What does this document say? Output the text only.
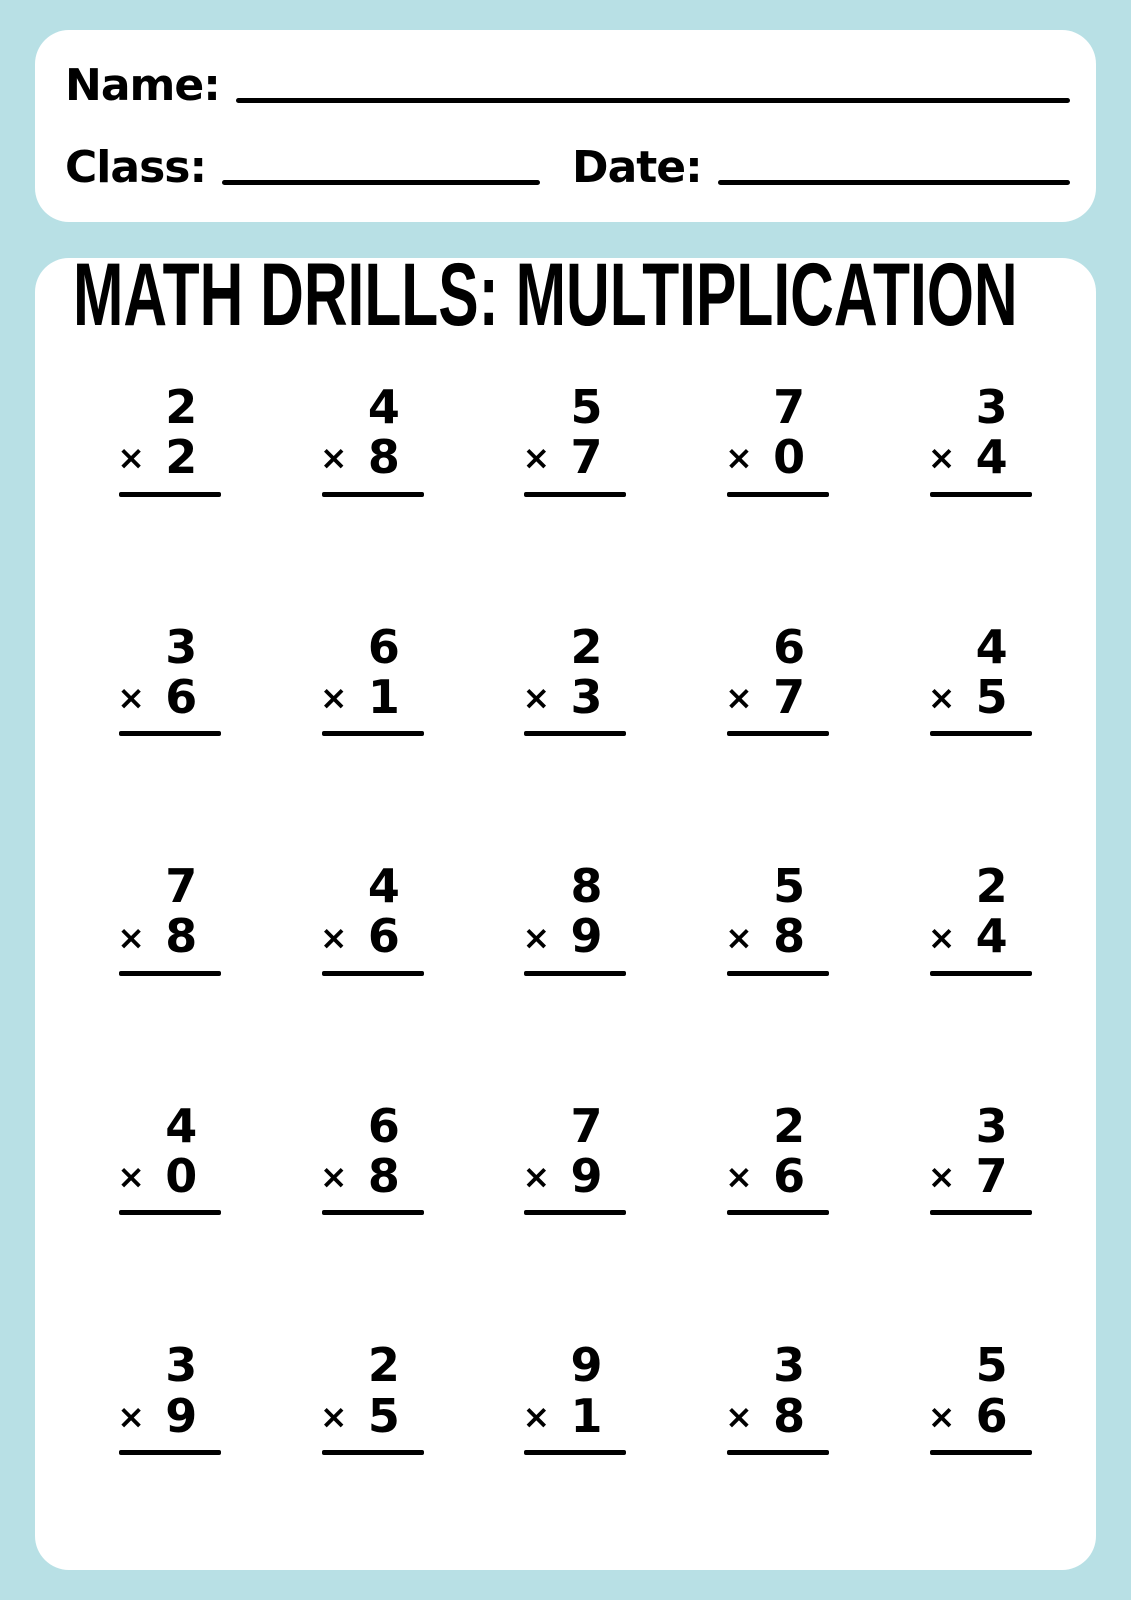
Name:
Class:	Date:
MATH DRILLS: MULTIPLICATION
2
× 2
4
× 8
5
× 7
7
× 0
3
× 4
3
× 6
6
× 1
2
× 3
6
× 7
4
× 5
7
× 8
4
× 6
8
× 9
5
× 8
2
× 4
4
× 0
6
× 8
7
× 9
2
× 6
3
× 7
3
× 9
2
× 5
9
× 1
3
× 8
5
× 6
